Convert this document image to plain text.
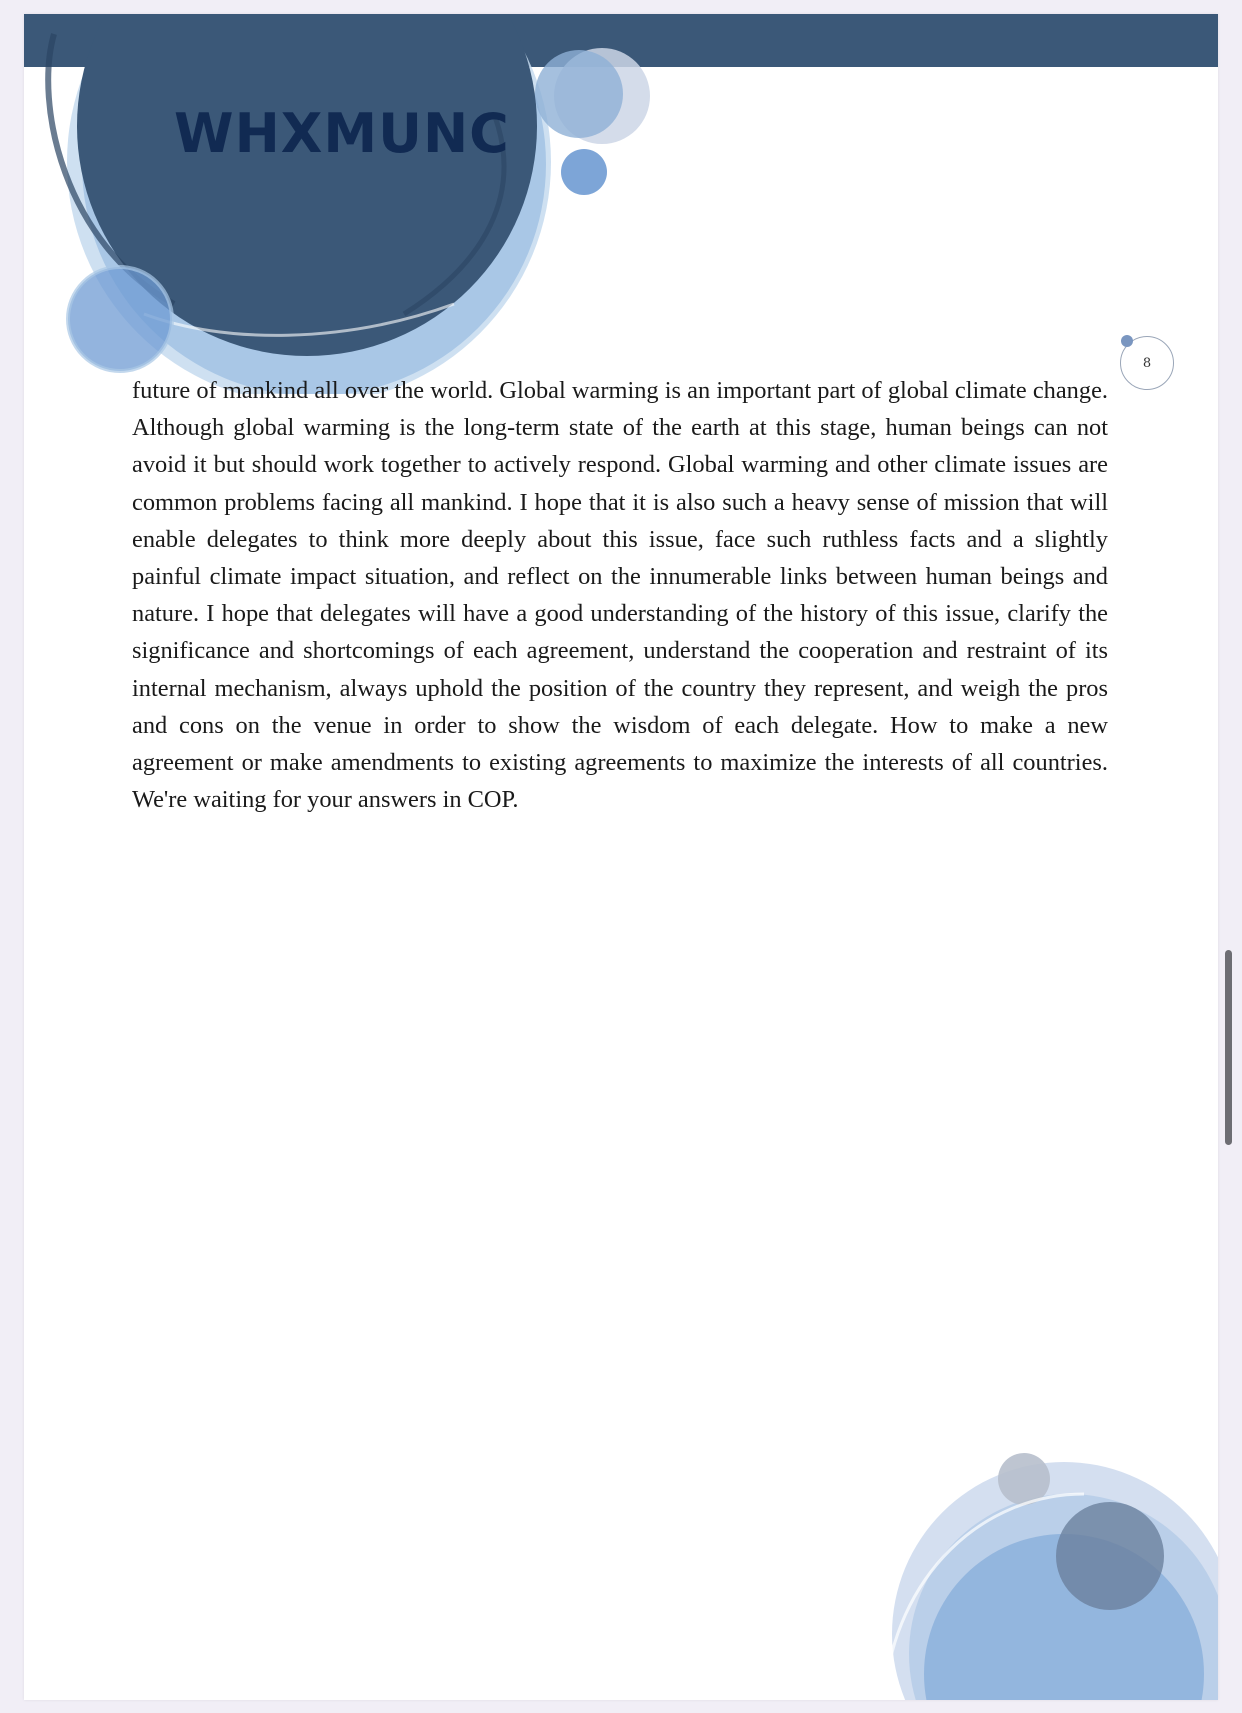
WHXMUNC
8

future of mankind all over the world. Global warming is an important part of global climate change. Although global warming is the long-term state of the earth at this stage, human beings can not avoid it but should work together to actively respond. Global warming and other climate issues are common problems facing all mankind. I hope that it is also such a heavy sense of mission that will enable delegates to think more deeply about this issue, face such ruthless facts and a slightly painful climate impact situation, and reflect on the innumerable links between human beings and nature. I hope that delegates will have a good understanding of the history of this issue, clarify the significance and shortcomings of each agreement, understand the cooperation and restraint of its internal mechanism, always uphold the position of the country they represent, and weigh the pros and cons on the venue in order to show the wisdom of each delegate. How to make a new agreement or make amendments to existing agreements to maximize the interests of all countries. We're waiting for your answers in COP.
